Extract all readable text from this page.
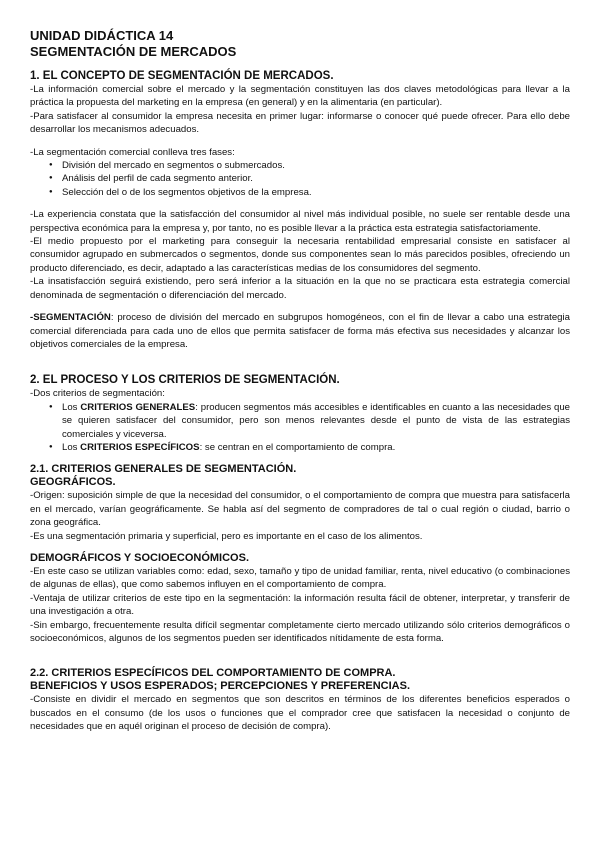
UNIDAD DIDÁCTICA 14
SEGMENTACIÓN DE MERCADOS
1. EL CONCEPTO DE SEGMENTACIÓN DE MERCADOS.

-La información comercial sobre el mercado y la segmentación constituyen las dos claves metodológicas para llevar a la práctica la propuesta del marketing en la empresa (en general) y en la alimentaria (en particular).

-Para satisfacer al consumidor la empresa necesita en primer lugar: informarse o conocer qué puede ofrecer. Para ello debe desarrollar los mecanismos adecuados.

-La segmentación comercial conlleva tres fases:

● División del mercado en segmentos o submercados.
● Análisis del perfil de cada segmento anterior.
● Selección del o de los segmentos objetivos de la empresa.

-La experiencia constata que la satisfacción del consumidor al nivel más individual posible, no suele ser rentable desde una perspectiva económica para la empresa y, por tanto, no es posible llevar a la práctica esta estrategia satisfactoriamente.

-El medio propuesto por el marketing para conseguir la necesaria rentabilidad empresarial consiste en satisfacer al consumidor agrupado en submercados o segmentos, donde sus componentes sean lo más parecidos posibles, ofreciendo un producto diferenciado, es decir, adaptado a las características medias de los consumidores del segmento.

-La insatisfacción seguirá existiendo, pero será inferior a la situación en la que no se practicara esta estrategia comercial denominada de segmentación o diferenciación del mercado.

-SEGMENTACIÓN: proceso de división del mercado en subgrupos homogéneos, con el fin de llevar a cabo una estrategia comercial diferenciada para cada uno de ellos que permita satisfacer de forma más efectiva sus necesidades y alcanzar los objetivos comerciales de la empresa.

2. EL PROCESO Y LOS CRITERIOS DE SEGMENTACIÓN.

-Dos criterios de segmentación:

● Los CRITERIOS GENERALES: producen segmentos más accesibles e identificables en cuanto a las necesidades que se quieren satisfacer del consumidor, pero son menos relevantes desde el punto de vista de las estrategias comerciales y viceversa.
● Los CRITERIOS ESPECÍFICOS: se centran en el comportamiento de compra.
2.1. CRITERIOS GENERALES DE SEGMENTACIÓN.
GEOGRÁFICOS.

-Origen: suposición simple de que la necesidad del consumidor, o el comportamiento de compra que muestra para satisfacerla en el mercado, varían geográficamente. Se habla así del segmento de compradores de tal o cual región o ciudad, barrio o zona geográfica.

-Es una segmentación primaria y superficial, pero es importante en el caso de los alimentos.

DEMOGRÁFICOS Y SOCIOECONÓMICOS.

-En este caso se utilizan variables como: edad, sexo, tamaño y tipo de unidad familiar, renta, nivel educativo (o combinaciones de algunas de ellas), que como sabemos influyen en el comportamiento de compra.

-Ventaja de utilizar criterios de este tipo en la segmentación: la información resulta fácil de obtener, interpretar, y transferir de una investigación a otra.

-Sin embargo, frecuentemente resulta difícil segmentar completamente cierto mercado utilizando sólo criterios demográficos o socioeconómicos, algunos de los segmentos pueden ser identificados nítidamente de esta forma.

2.2. CRITERIOS ESPECÍFICOS DEL COMPORTAMIENTO DE COMPRA.
BENEFICIOS Y USOS ESPERADOS; PERCEPCIONES Y PREFERENCIAS.

-Consiste en dividir el mercado en segmentos que son descritos en términos de los diferentes beneficios esperados o buscados en el consumo (de los usos o funciones que el comprador cree que satisfacen la necesidad o conjunto de necesidades que en aquél originan el proceso de decisión de compra).
